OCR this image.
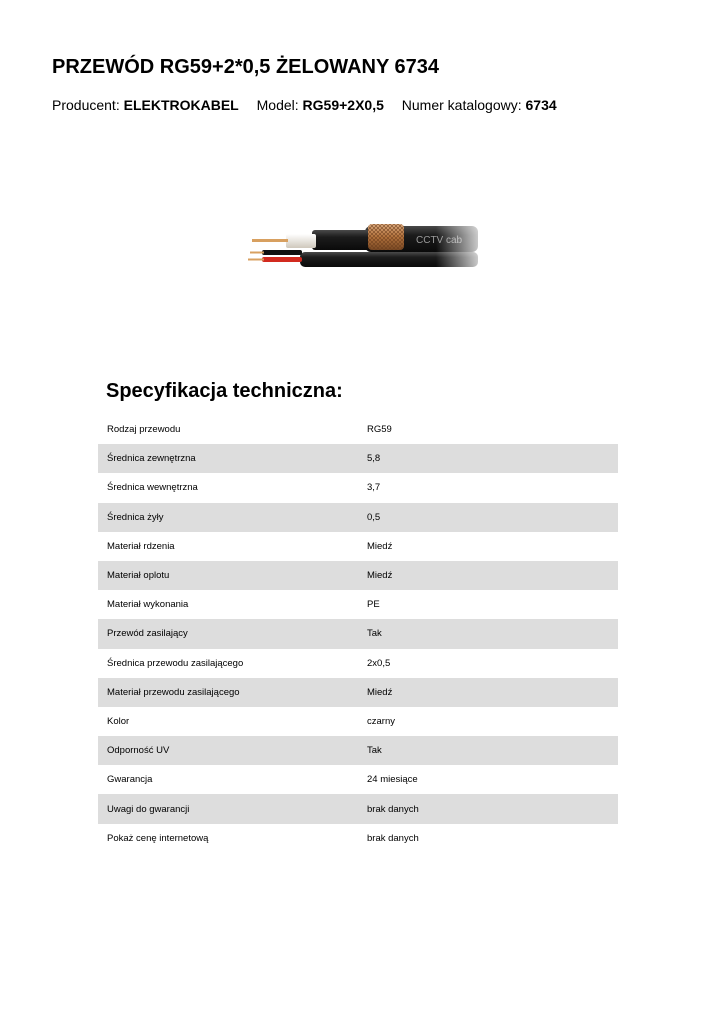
PRZEWÓD RG59+2*0,5 ŻELOWANY 6734
Producent: ELEKTROKABEL Model: RG59+2X0,5 Numer katalogowy: 6734
Specyfikacja techniczna:
Rodzaj przewodu	RG59
Średnica zewnętrzna	5,8
Średnica wewnętrzna	3,7
Średnica żyły	0,5
Materiał rdzenia	Miedź
Materiał oplotu	Miedź
Materiał wykonania	PE
Przewód zasilający	Tak
Średnica przewodu zasilającego	2x0,5
Materiał przewodu zasilającego	Miedź
Kolor	czarny
Odporność UV	Tak
Gwarancja	24 miesiące
Uwagi do gwarancji	brak danych
Pokaż cenę internetową	brak danych
